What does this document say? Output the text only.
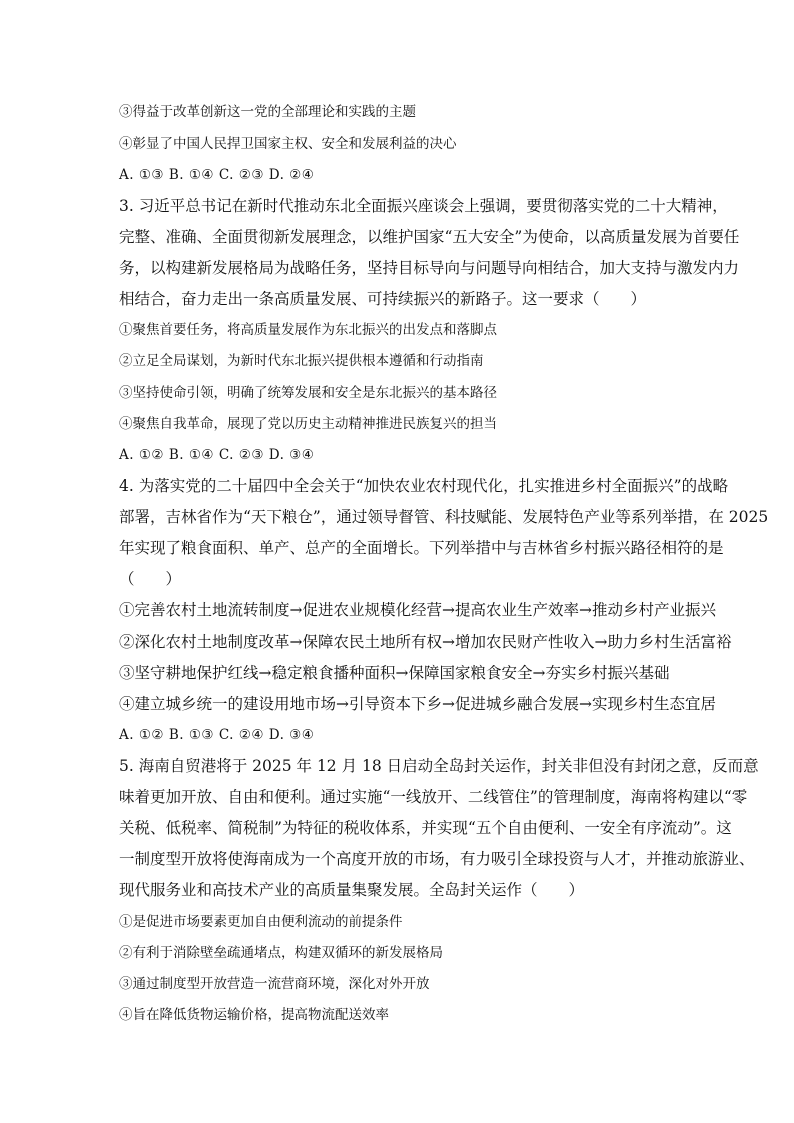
③得益于改革创新这一党的全部理论和实践的主题
④彰显了中国人民捍卫国家主权、安全和发展利益的决心
A. ①③ B. ①④ C. ②③ D. ②④
3. 习近平总书记在新时代推动东北全面振兴座谈会上强调，要贯彻落实党的二十大精神，
完整、准确、全面贯彻新发展理念，以维护国家“五大安全”为使命，以高质量发展为首要任
务，以构建新发展格局为战略任务，坚持目标导向与问题导向相结合，加大支持与激发内力
相结合，奋力走出一条高质量发展、可持续振兴的新路子。这一要求（　　）
①聚焦首要任务，将高质量发展作为东北振兴的出发点和落脚点
②立足全局谋划，为新时代东北振兴提供根本遵循和行动指南
③坚持使命引领，明确了统筹发展和安全是东北振兴的基本路径
④聚焦自我革命，展现了党以历史主动精神推进民族复兴的担当
A. ①② B. ①④ C. ②③ D. ③④
4. 为落实党的二十届四中全会关于“加快农业农村现代化，扎实推进乡村全面振兴”的战略
部署，吉林省作为“天下粮仓”，通过领导督管、科技赋能、发展特色产业等系列举措，在 2025
年实现了粮食面积、单产、总产的全面增长。下列举措中与吉林省乡村振兴路径相符的是
（　　）
①完善农村土地流转制度→促进农业规模化经营→提高农业生产效率→推动乡村产业振兴
②深化农村土地制度改革→保障农民土地所有权→增加农民财产性收入→助力乡村生活富裕
③坚守耕地保护红线→稳定粮食播种面积→保障国家粮食安全→夯实乡村振兴基础
④建立城乡统一的建设用地市场→引导资本下乡→促进城乡融合发展→实现乡村生态宜居
A. ①② B. ①③ C. ②④ D. ③④
5. 海南自贸港将于 2025 年 12 月 18 日启动全岛封关运作，封关非但没有封闭之意，反而意
味着更加开放、自由和便利。通过实施“一线放开、二线管住”的管理制度，海南将构建以“零
关税、低税率、简税制”为特征的税收体系，并实现“五个自由便利、一安全有序流动”。这
一制度型开放将使海南成为一个高度开放的市场，有力吸引全球投资与人才，并推动旅游业、
现代服务业和高技术产业的高质量集聚发展。全岛封关运作（　　）
①是促进市场要素更加自由便利流动的前提条件
②有利于消除壁垒疏通堵点，构建双循环的新发展格局
③通过制度型开放营造一流营商环境，深化对外开放
④旨在降低货物运输价格，提高物流配送效率
